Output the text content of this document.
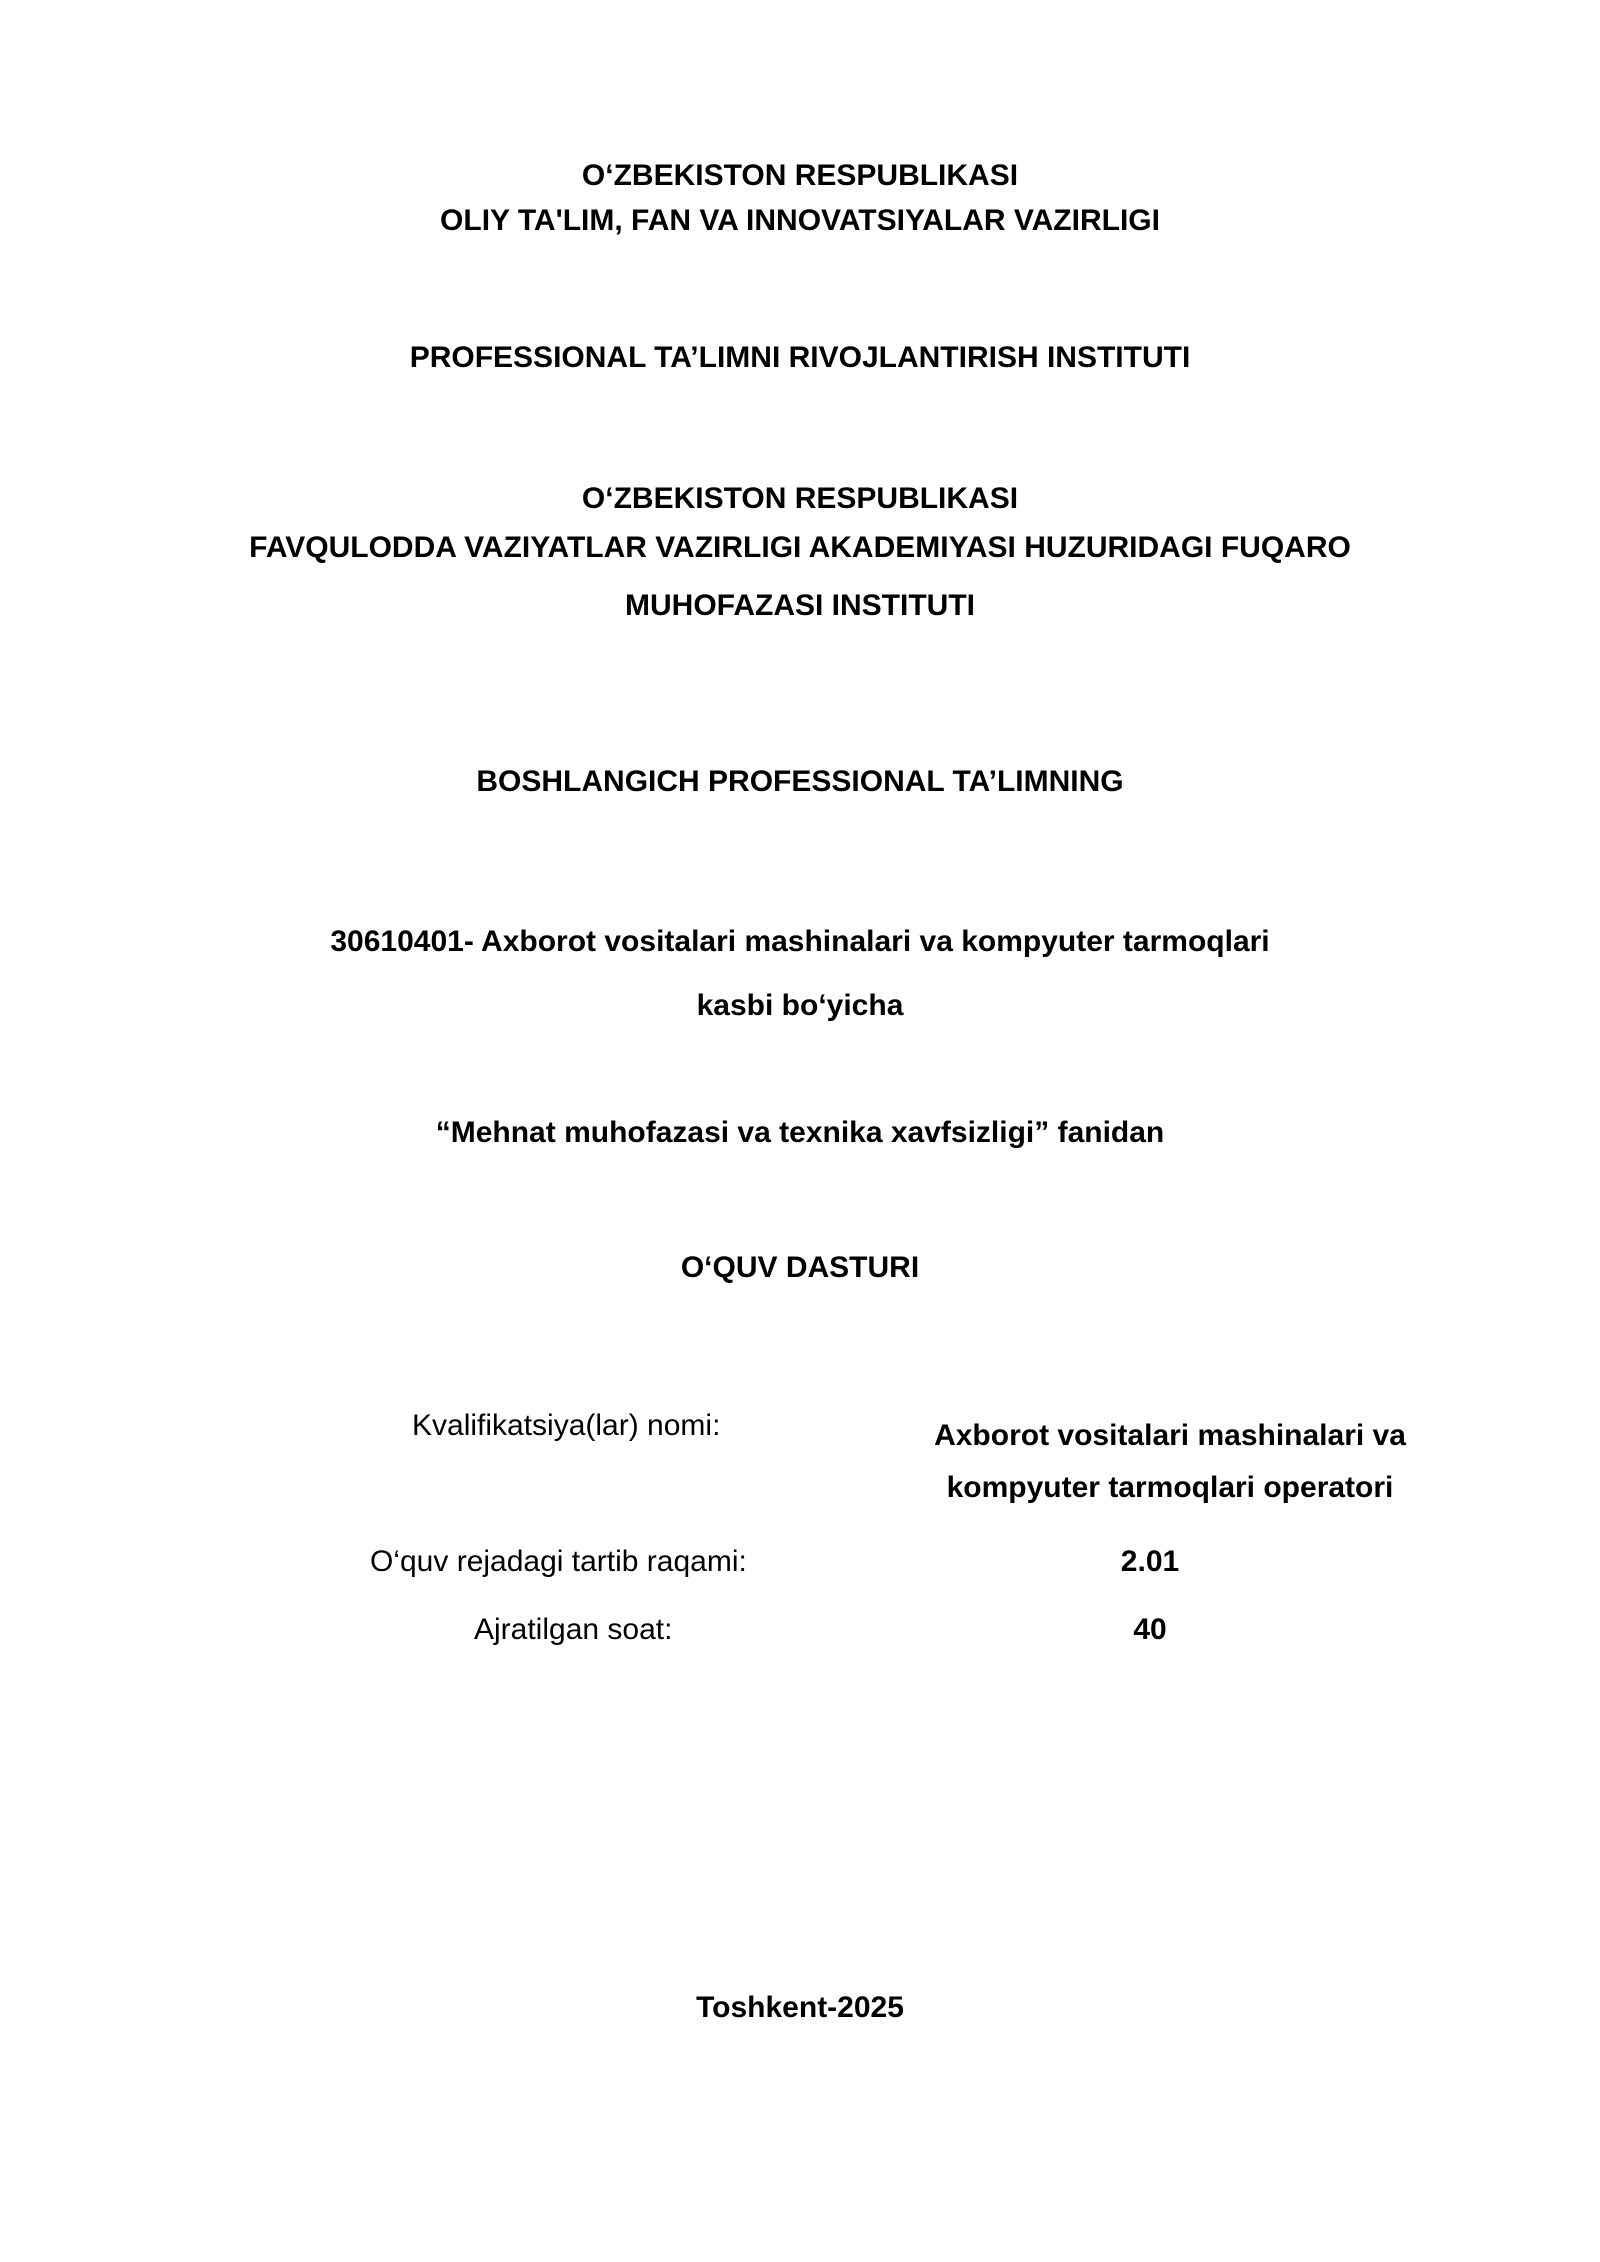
O‘ZBEKISTON RESPUBLIKASI
OLIY TA'LIM, FAN VA INNOVATSIYALAR VAZIRLIGI
PROFESSIONAL TA’LIMNI RIVOJLANTIRISH INSTITUTI
O‘ZBEKISTON RESPUBLIKASI
FAVQULODDA VAZIYATLAR VAZIRLIGI AKADEMIYASI HUZURIDAGI FUQARO
MUHOFAZASI INSTITUTI
BOSHLANGICH PROFESSIONAL TA’LIMNING
30610401- Axborot vositalari mashinalari va kompyuter tarmoqlari
kasbi bo‘yicha
“Mehnat muhofazasi va texnika xavfsizligi” fanidan
O‘QUV DASTURI
Kvalifikatsiya(lar) nomi:	Axborot vositalari mashinalari va
kompyuter tarmoqlari operatori
O‘quv rejadagi tartib raqami:	2.01
Ajratilgan soat:	40
Toshkent-2025
